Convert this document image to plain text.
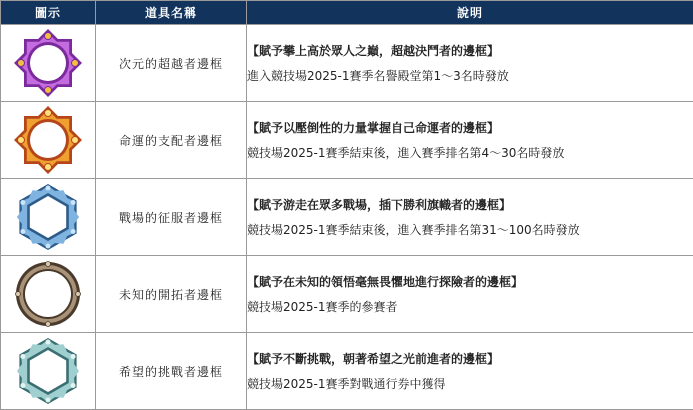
圖示	道具名稱	說明

	次元的超越者邊框	【賦予攀上高於眾人之巔，超越決鬥者的邊框】
進入競技場2025-1賽季名譽殿堂第1～3名時發放

	命運的支配者邊框	【賦予以壓倒性的力量掌握自己命運者的邊框】
競技場2025-1賽季結束後，進入賽季排名第4～30名時發放

	戰場的征服者邊框	【賦予游走在眾多戰場，插下勝利旗幟者的邊框】
競技場2025-1賽季結束後，進入賽季排名第31～100名時發放

	未知的開拓者邊框	【賦予在未知的領悟毫無畏懼地進行探險者的邊框】
競技場2025-1賽季的參賽者

	希望的挑戰者邊框	【賦予不斷挑戰，朝著希望之光前進者的邊框】
競技場2025-1賽季對戰通行券中獲得
